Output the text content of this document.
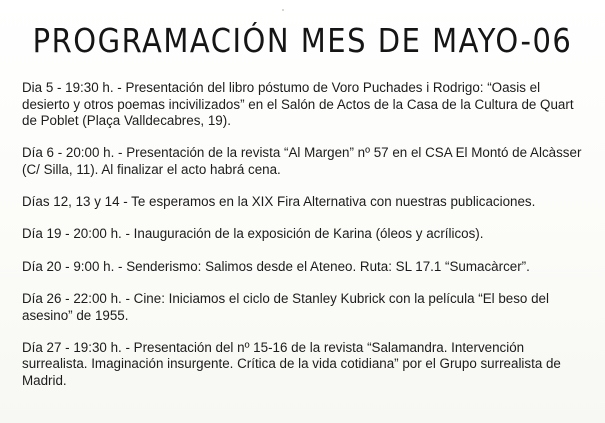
PROGRAMACIÓN MES DE MAYO-06

Dia 5 - 19:30 h. - Presentación del libro póstumo de Voro Puchades i Rodrigo: “Oasis el desierto y otros poemas incivilizados” en el Salón de Actos de la Casa de la Cultura de Quart de Poblet (Plaça Valldecabres, 19).

Día 6 - 20:00 h. - Presentación de la revista “Al Margen” nº 57 en el CSA El Montó de Alcàsser (C/ Silla, 11). Al finalizar el acto habrá cena.

Días 12, 13 y 14 - Te esperamos en la XIX Fira Alternativa con nuestras publicaciones.

Día 19 - 20:00 h. - Inauguración de la exposición de Karina (óleos y acrílicos).

Día 20 - 9:00 h. - Senderismo: Salimos desde el Ateneo. Ruta: SL 17.1 “Sumacàrcer”.

Día 26 - 22:00 h. - Cine: Iniciamos el ciclo de Stanley Kubrick con la película “El beso del asesino” de 1955.

Día 27 - 19:30 h. - Presentación del nº 15-16 de la revista “Salamandra. Intervención surrealista. Imaginación insurgente. Crítica de la vida cotidiana” por el Grupo surrealista de Madrid.
